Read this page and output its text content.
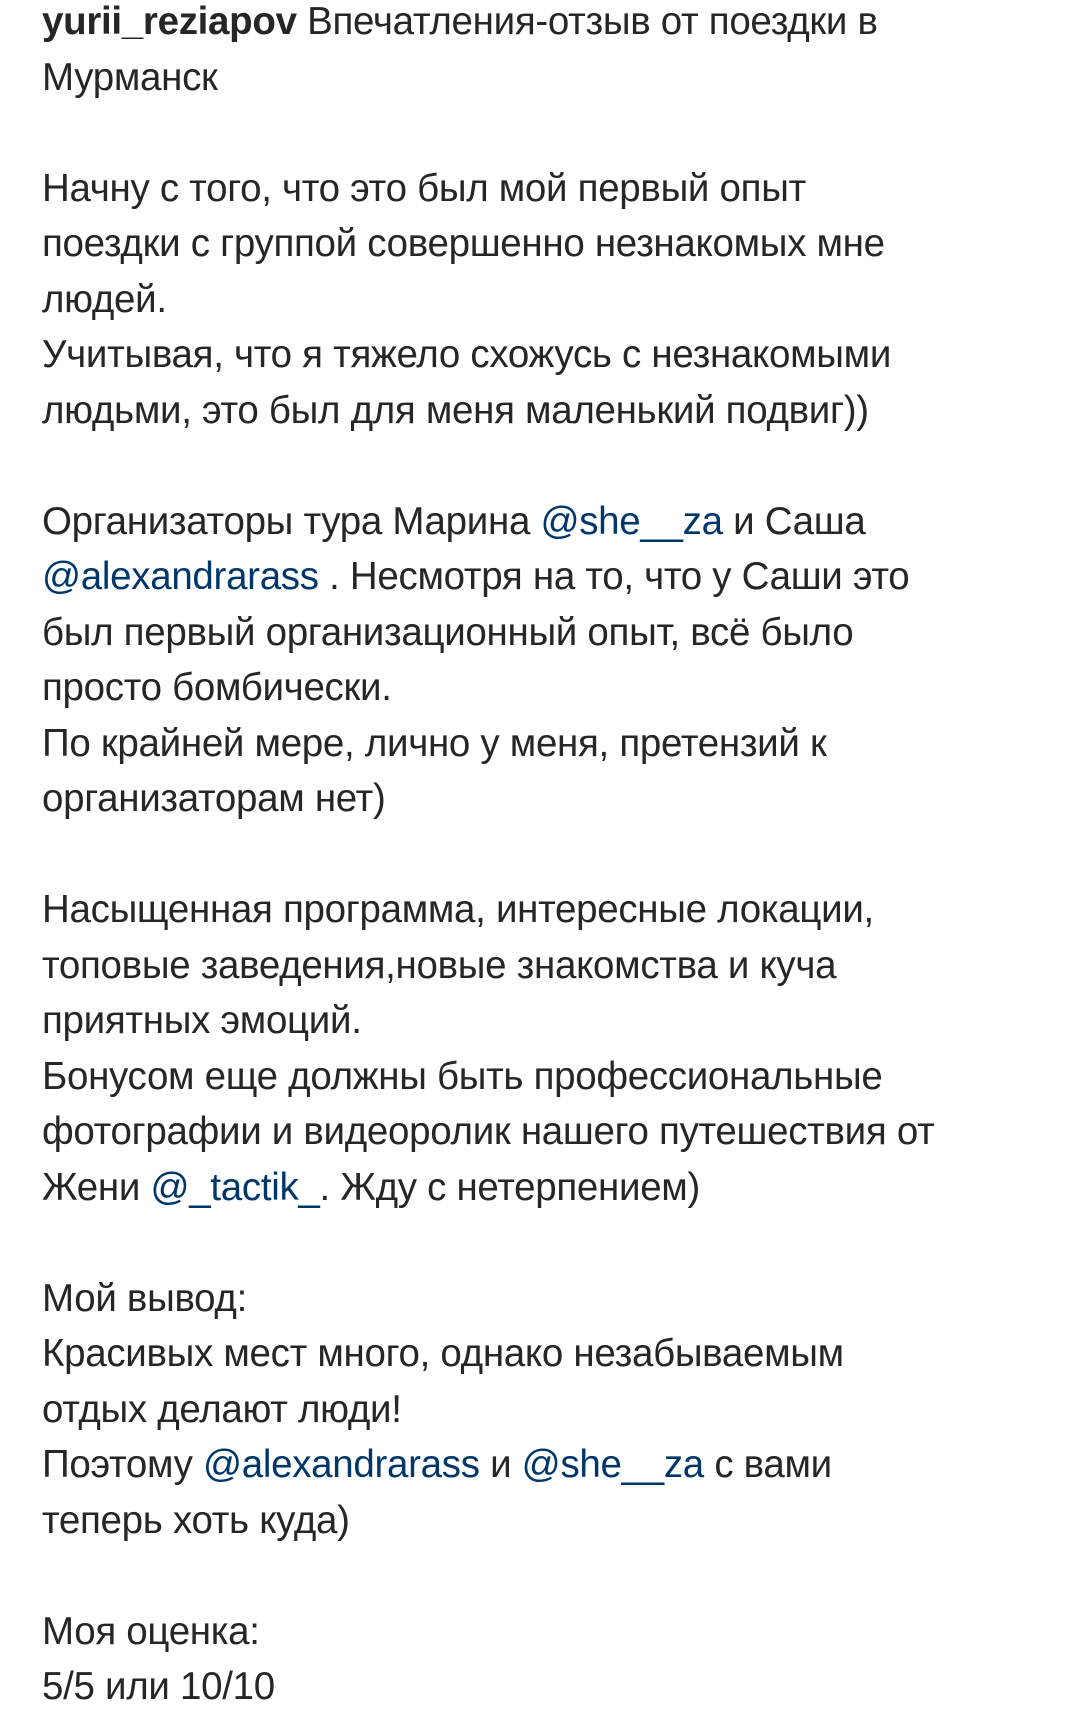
yurii_reziapov Впечатления-отзыв от поездки в
Мурманск
Начну с того, что это был мой первый опыт
поездки с группой совершенно незнакомых мне
людей.
Учитывая, что я тяжело схожусь с незнакомыми
людьми, это был для меня маленький подвиг))
Организаторы тура Марина @she__za и Саша
@alexandrarass . Несмотря на то, что у Саши это
был первый организационный опыт, всё было
просто бомбически.
По крайней мере, лично у меня, претензий к
организаторам нет)
Насыщенная программа, интересные локации,
топовые заведения,новые знакомства и куча
приятных эмоций.
Бонусом еще должны быть профессиональные
фотографии и видеоролик нашего путешествия от
Жени @_tactik_. Жду с нетерпением)
Мой вывод:
Красивых мест много, однако незабываемым
отдых делают люди!
Поэтому @alexandrarass и @she__za с вами
теперь хоть куда)
Моя оценка:
5/5 или 10/10
